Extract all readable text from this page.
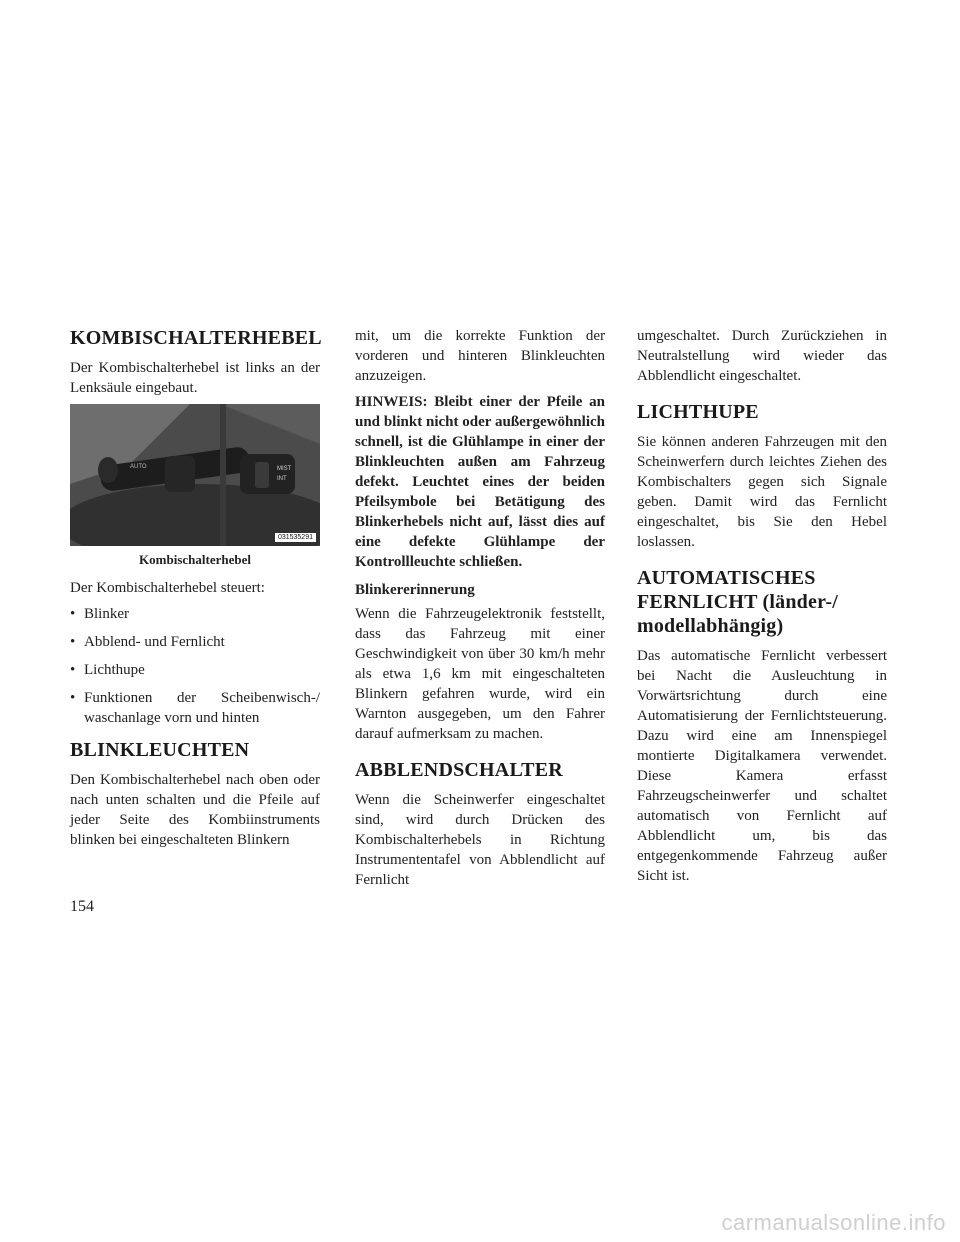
KOMBISCHALTERHEBEL

Der Kombischalterhebel ist links an der Lenksäule eingebaut.

MIST
INT
AUTO
031535291
Kombischalterhebel

Der Kombischalterhebel steuert:

• Blinker
• Abblend- und Fernlicht
• Lichthupe
• Funktionen der Scheibenwisch-/ waschanlage vorn und hinten
BLINKLEUCHTEN

Den Kombischalterhebel nach oben oder nach unten schalten und die Pfeile auf jeder Seite des Kombiinstruments blinken bei eingeschalteten Blinkern

mit, um die korrekte Funktion der vorderen und hinteren Blinkleuchten anzuzeigen.

HINWEIS: Bleibt einer der Pfeile an und blinkt nicht oder außergewöhnlich schnell, ist die Glühlampe in einer der Blinkleuchten außen am Fahrzeug defekt. Leuchtet eines der beiden Pfeilsymbole bei Betätigung des Blinkerhebels nicht auf, lässt dies auf eine defekte Glühlampe der Kontrollleuchte schließen.

Blinkererinnerung

Wenn die Fahrzeugelektronik feststellt, dass das Fahrzeug mit einer Geschwindigkeit von über 30 km/h mehr als etwa 1,6 km mit eingeschalteten Blinkern gefahren wurde, wird ein Warnton ausgegeben, um den Fahrer darauf aufmerksam zu machen.

ABBLENDSCHALTER

Wenn die Scheinwerfer eingeschaltet sind, wird durch Drücken des Kombischalterhebels in Richtung Instrumententafel von Abblendlicht auf Fernlicht

umgeschaltet. Durch Zurückziehen in Neutralstellung wird wieder das Abblendlicht eingeschaltet.

LICHTHUPE

Sie können anderen Fahrzeugen mit den Scheinwerfern durch leichtes Ziehen des Kombischalters gegen sich Signale geben. Damit wird das Fernlicht eingeschaltet, bis Sie den Hebel loslassen.

AUTOMATISCHES
FERNLICHT (länder-/
modellabhängig)

Das automatische Fernlicht verbessert bei Nacht die Ausleuchtung in Vorwärtsrichtung durch eine Automatisierung der Fernlichtsteuerung. Dazu wird eine am Innenspiegel montierte Digitalkamera verwendet. Diese Kamera erfasst Fahrzeugscheinwerfer und schaltet automatisch von Fernlicht auf Abblendlicht um, bis das entgegenkommende Fahrzeug außer Sicht ist.

154
carmanualsonline.info
